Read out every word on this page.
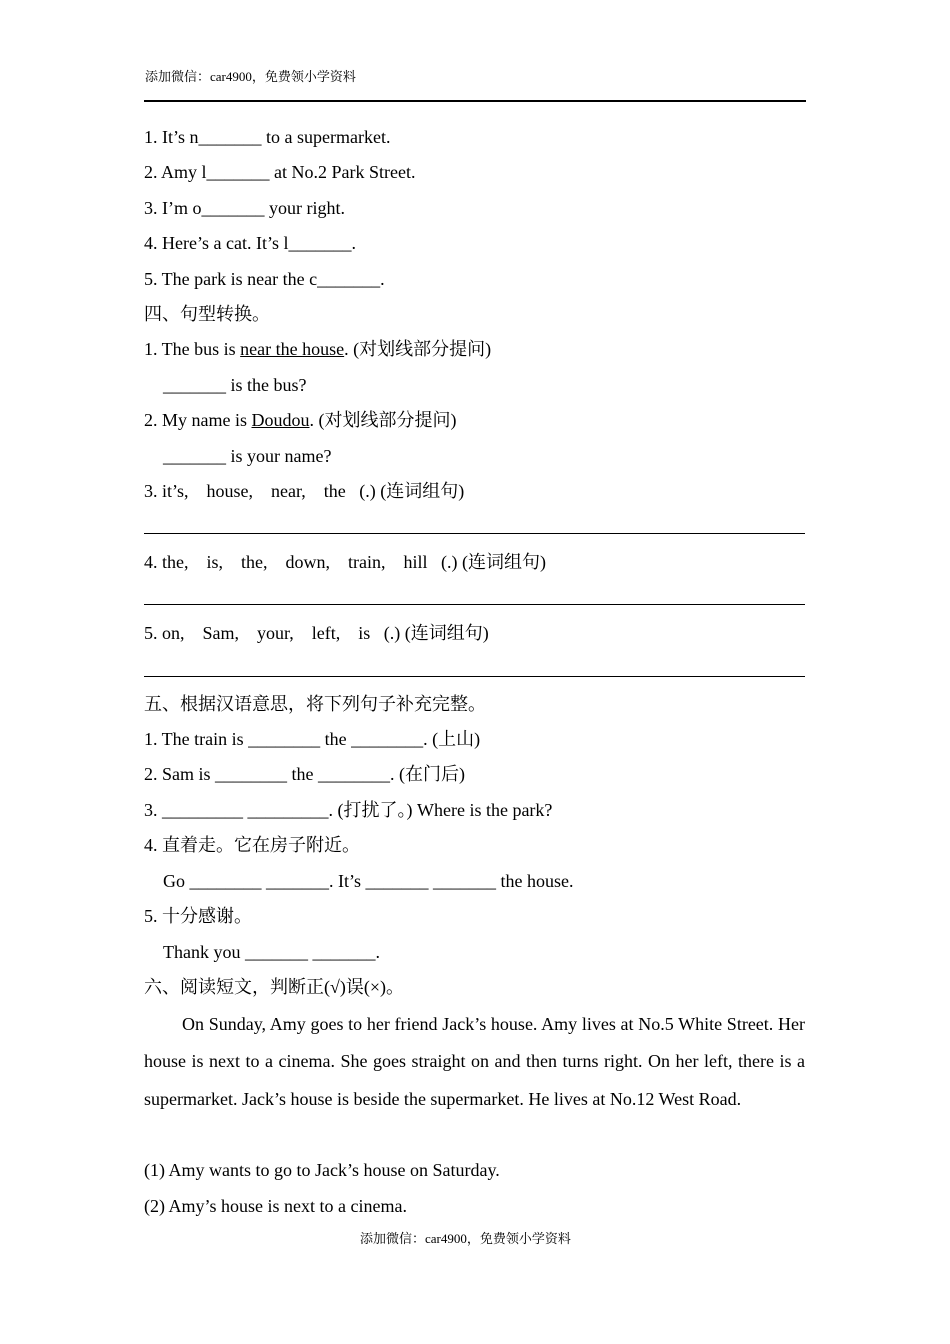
添加微信：car4900，免费领小学资料
1. It’s n_______ to a supermarket.
2. Amy l_______ at No.2 Park Street.
3. I’m o_______ your right.
4. Here’s a cat. It’s l_______.
5. The park is near the c_______.
四、句型转换。
1. The bus is near the house. (对划线部分提问)
_______ is the bus?
2. My name is Doudou. (对划线部分提问)
_______ is your name?
3. it’s,    house,    near,    the   (.) (连词组句)
4. the,    is,    the,    down,    train,    hill   (.) (连词组句)
5. on,    Sam,    your,    left,    is   (.) (连词组句)
五、根据汉语意思，将下列句子补充完整。
1. The train is ________ the ________. (上山)
2. Sam is ________ the ________. (在门后)
3. _________ _________. (打扰了。) Where is the park?
4. 直着走。它在房子附近。
Go ________ _______. It’s _______ _______ the house.
5. 十分感谢。
Thank you _______ _______.
六、阅读短文，判断正(√)误(×)。
On Sunday, Amy goes to her friend Jack’s house. Amy lives at No.5 White Street. Her house is next to a cinema. She goes straight on and then turns right. On her left, there is a supermarket. Jack’s house is beside the supermarket. He lives at No.12 West Road.
(1) Amy wants to go to Jack’s house on Saturday.
(2) Amy’s house is next to a cinema.
添加微信：car4900，免费领小学资料
